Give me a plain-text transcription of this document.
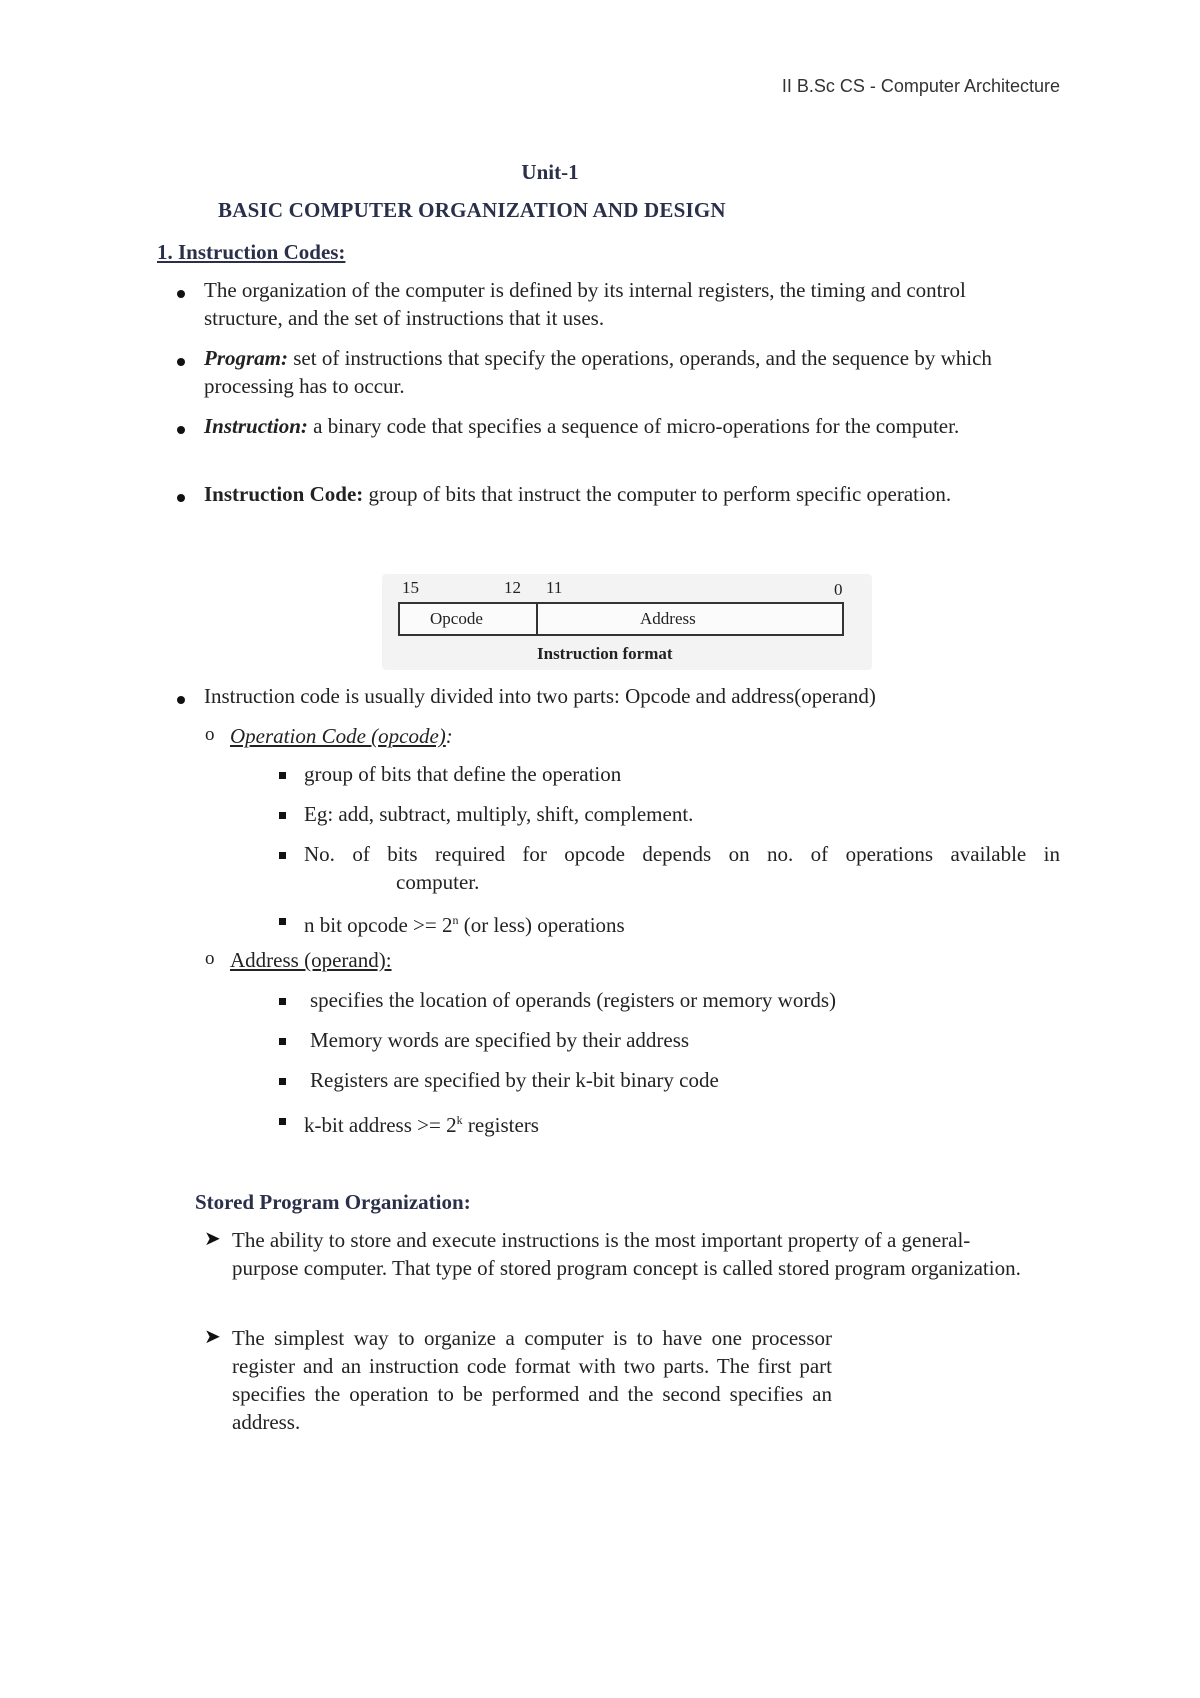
II B.Sc CS - Computer Architecture
Unit-1
BASIC COMPUTER ORGANIZATION AND DESIGN
1. Instruction Codes:
The organization of the computer is defined by its internal registers, the timing and control structure, and the set of instructions that it uses.
Program: set of instructions that specify the operations, operands, and the sequence by which processing has to occur.
Instruction: a binary code that specifies a sequence of micro-operations for the computer.
Instruction Code: group of bits that instruct the computer to perform specific operation.
15	12 11	0
Opcode	Address
Instruction format
Instruction code is usually divided into two parts: Opcode and address(operand)
o Operation Code (opcode):
group of bits that define the operation
Eg: add, subtract, multiply, shift, complement.
No. of bits required for opcode depends on no. of operations available in
computer.
n bit opcode >= $2^n$ (or less) operations
o Address (operand):
specifies the location of operands (registers or memory words)
Memory words are specified by their address
Registers are specified by their k-bit binary code
k-bit address >= $2^k$ registers
Stored Program Organization:
➤ The ability to store and execute instructions is the most important property of a general-purpose computer. That type of stored program concept is called stored program organization.
➤ The simplest way to organize a computer is to have one processor register and an instruction code format with two parts. The first part specifies the operation to be performed and the second specifies an address.
